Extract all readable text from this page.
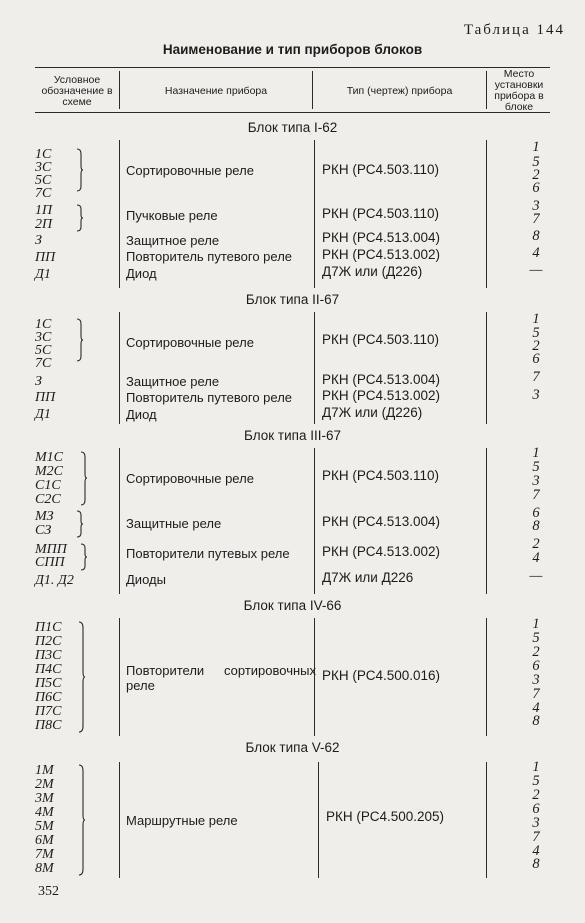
Таблица 144
Наименование и тип приборов блоков
Условное обозначение в схеме
Назначение прибора	Тип (чертеж) прибора
Место установки прибора в блоке
Блок типа I-62
1C
3C
5C
7C
1П
2П
З
ПП
Д1
Сортировочные реле
Пучковые реле
Защитное реле
Повторитель путевого реле
Диод
РКН (РС4.503.110)
РКН (РС4.503.110)
РКН (РС4.513.004)
РКН (РС4.513.002)
Д7Ж или (Д226)
1
5
2
6
3
7
8
4
—
Блок типа II-67
1C
3C
5C
7C
З
ПП
Д1
Сортировочные реле
Защитное реле
Повторитель путевого реле
Диод
РКН (РС4.503.110)
РКН (РС4.513.004)
РКН (РС4.513.002)
Д7Ж или (Д226)
1
5
2
6
7
3
Блок типа III-67
М1С
М2С
С1С
С2С
МЗ
СЗ
МПП
СПП
Д1. Д2
Сортировочные реле
Защитные реле
Повторители путевых реле
Диоды
РКН (РС4.503.110)
РКН (РС4.513.004)
РКН (РС4.513.002)
Д7Ж или Д226
1
5
3
7
6
8
2
4
—
Блок типа IV-66
П1С
П2С
П3С
П4С
П5С
П6С
П7С
П8С
Повторители сортировочных реле
РКН (РС4.500.016)
1
5
2
6
3
7
4
8
Блок типа V-62
1М
2М
3М
4М
5М
6М
7М
8М
Маршрутные реле	РКН (РС4.500.205)
1
5
2
6
3
7
4
8
352
